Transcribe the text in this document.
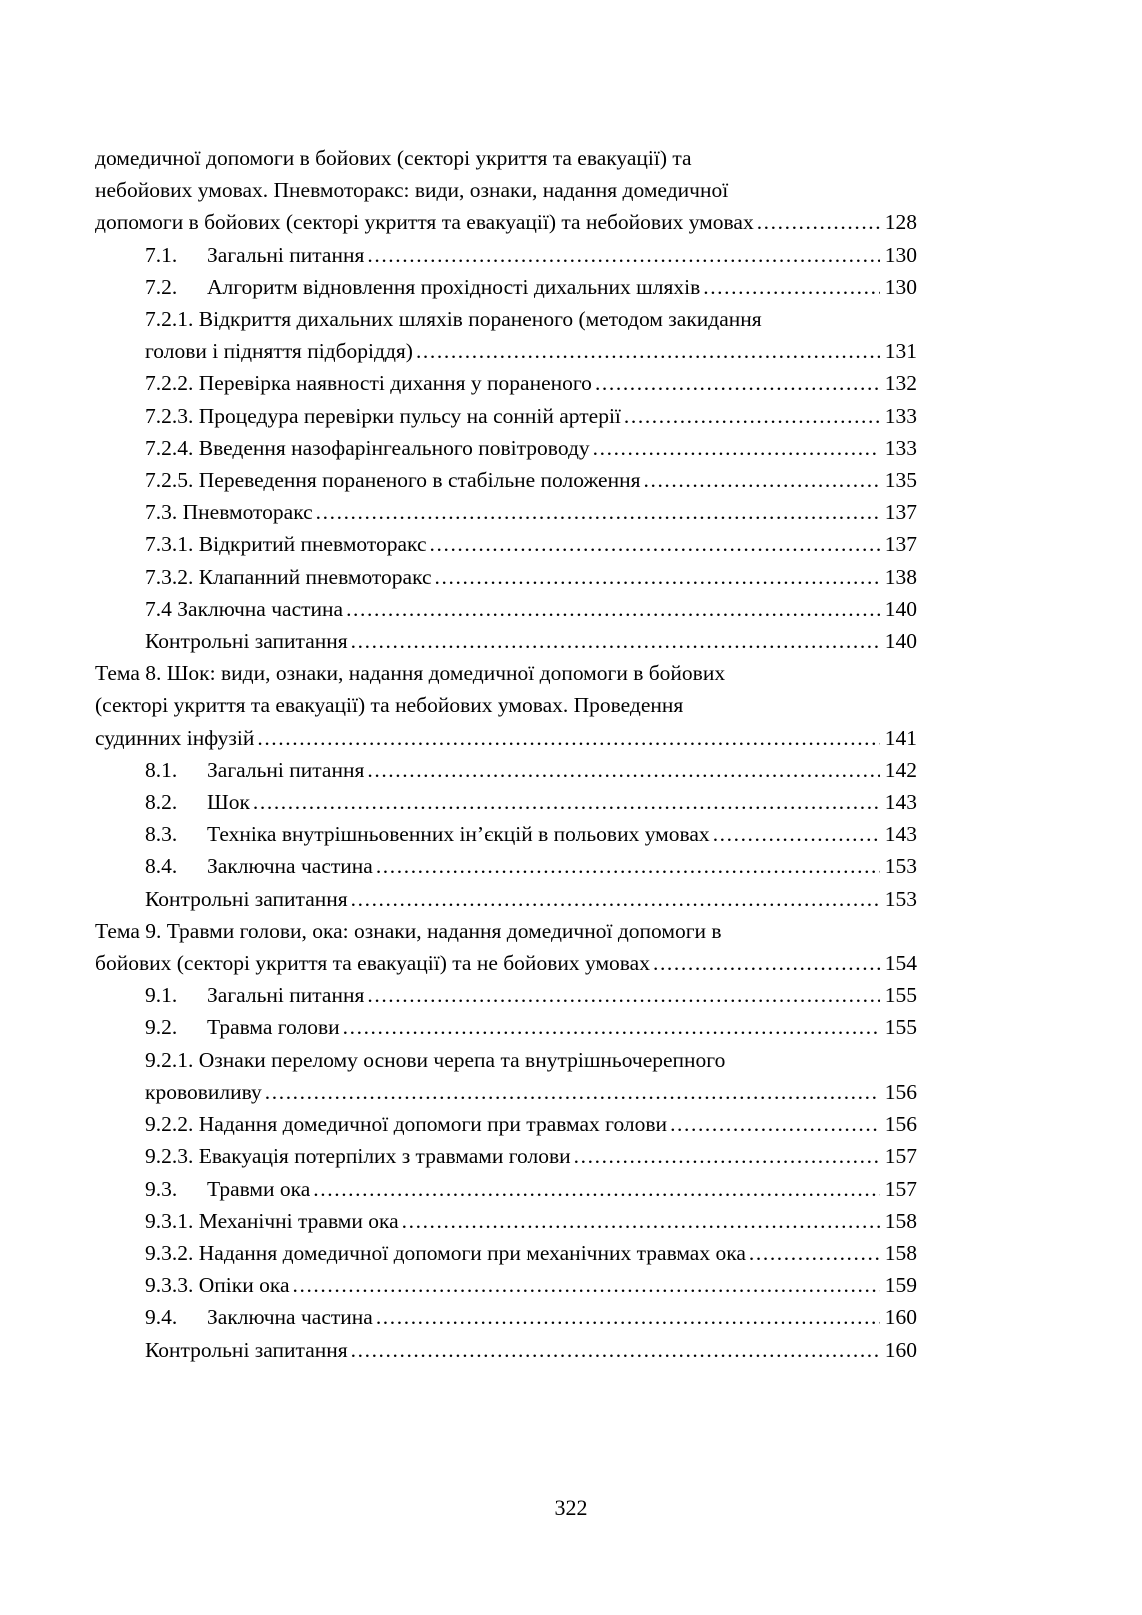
домедичної допомоги в бойових (секторі укриття та евакуації) та
небойових умовах. Пневмоторакс: види, ознаки, надання домедичної
допомоги в бойових (секторі укриття та евакуації) та небойових умовах .....	128
7.1.	Загальні питання .....	130
7.2.	Алгоритм відновлення прохідності дихальних шляхів .....	130
7.2.1. Відкриття дихальних шляхів пораненого (методом закидання
голови і підняття підборіддя) .....	131
7.2.2. Перевірка наявності дихання у пораненого .....	132
7.2.3. Процедура перевірки пульсу на сонній артерії .....	133
7.2.4. Введення назофарінгеального повітроводу .....	133
7.2.5. Переведення пораненого в стабільне положення .....	135
7.3. Пневмоторакс .....	137
7.3.1. Відкритий пневмоторакс .....	137
7.3.2. Клапанний пневмоторакс .....	138
7.4 Заключна частина .....	140
Контрольні запитання .....	140
Тема 8. Шок: види, ознаки, надання домедичної допомоги в бойових
(секторі укриття та евакуації) та небойових умовах. Проведення
судинних інфузій .....	141
8.1.	Загальні питання .....	142
8.2.	Шок .....	143
8.3.	Техніка внутрішньовенних ін’єкцій в польових умовах .....	143
8.4.	Заключна частина .....	153
Контрольні запитання .....	153
Тема 9. Травми голови, ока: ознаки, надання домедичної допомоги в
бойових (секторі укриття та евакуації) та не бойових умовах .....	154
9.1.	Загальні питання .....	155
9.2.	Травма голови .....	155
9.2.1. Ознаки перелому основи черепа та внутрішньочерепного
крововиливу .....	156
9.2.2. Надання домедичної допомоги при травмах голови .....	156
9.2.3. Евакуація потерпілих з травмами голови .....	157
9.3.	Травми ока .....	157
9.3.1. Механічні травми ока .....	158
9.3.2. Надання домедичної допомоги при механічних травмах ока .....	158
9.3.3. Опіки ока .....	159
9.4.	Заключна частина .....	160
Контрольні запитання .....	160
322
